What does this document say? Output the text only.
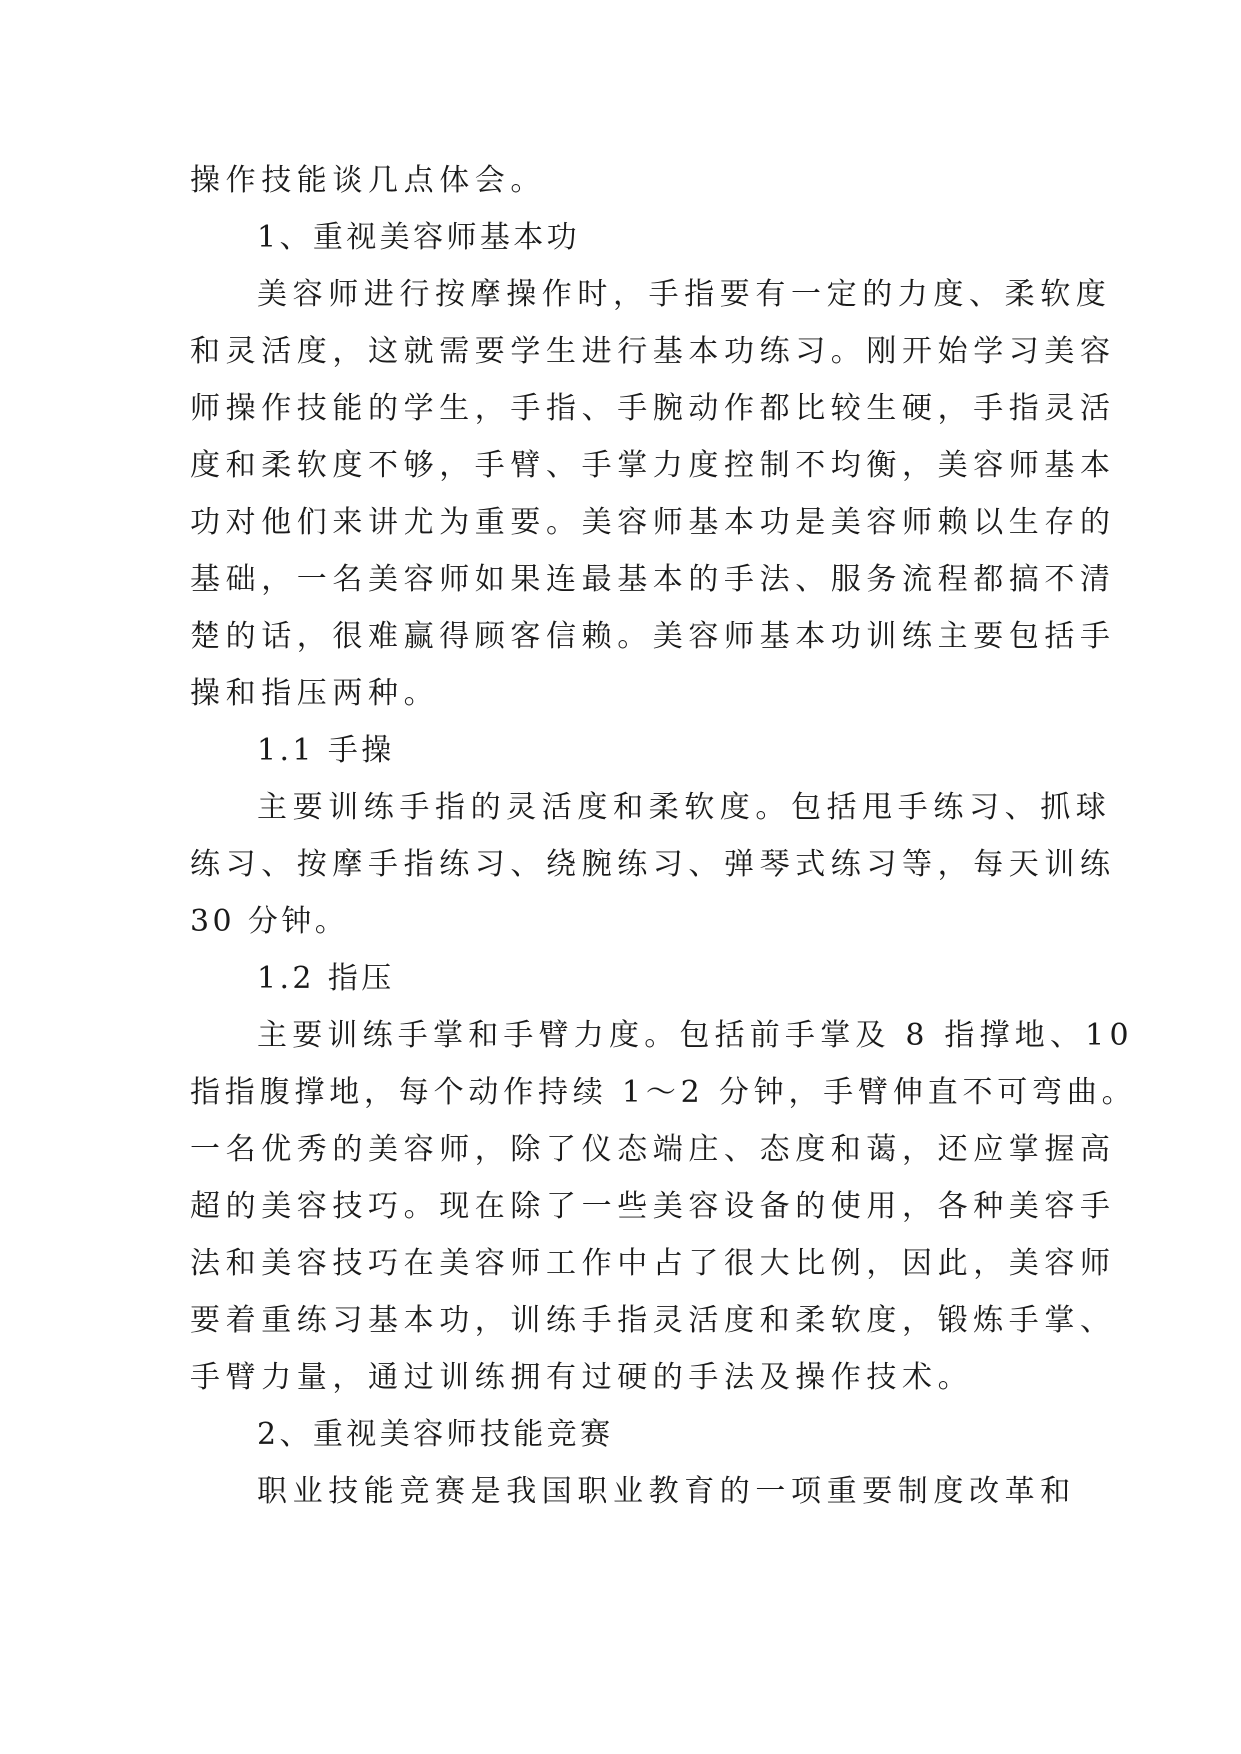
操作技能谈几点体会。
1、重视美容师基本功
美容师进行按摩操作时，手指要有一定的力度、柔软度
和灵活度，这就需要学生进行基本功练习。刚开始学习美容
师操作技能的学生，手指、手腕动作都比较生硬，手指灵活
度和柔软度不够，手臂、手掌力度控制不均衡，美容师基本
功对他们来讲尤为重要。美容师基本功是美容师赖以生存的
基础，一名美容师如果连最基本的手法、服务流程都搞不清
楚的话，很难赢得顾客信赖。美容师基本功训练主要包括手
操和指压两种。
1.1 手操
主要训练手指的灵活度和柔软度。包括甩手练习、抓球
练习、按摩手指练习、绕腕练习、弹琴式练习等，每天训练
30 分钟。
1.2 指压
主要训练手掌和手臂力度。包括前手掌及 8 指撑地、10
指指腹撑地，每个动作持续 1～2 分钟，手臂伸直不可弯曲。
一名优秀的美容师，除了仪态端庄、态度和蔼，还应掌握高
超的美容技巧。现在除了一些美容设备的使用，各种美容手
法和美容技巧在美容师工作中占了很大比例，因此，美容师
要着重练习基本功，训练手指灵活度和柔软度，锻炼手掌、
手臂力量，通过训练拥有过硬的手法及操作技术。
2、重视美容师技能竞赛
职业技能竞赛是我国职业教育的一项重要制度改革和
